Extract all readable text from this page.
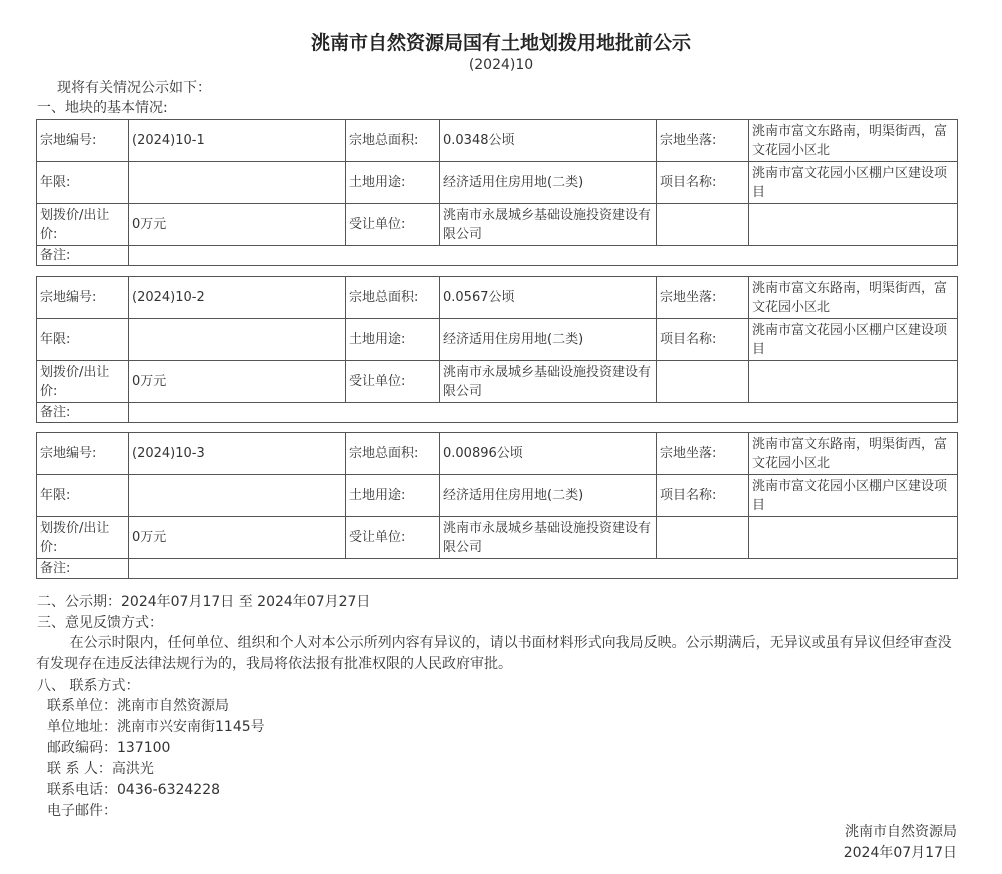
洮南市自然资源局国有土地划拨用地批前公示
(2024)10
现将有关情况公示如下：
一、地块的基本情况:
宗地编号:	(2024)10-1	宗地总面积:	0.0348公顷	宗地坐落:	洮南市富文东路南，明渠街西，富文花园小区北
年限:		土地用途:	经济适用住房用地(二类)	项目名称:	洮南市富文花园小区棚户区建设项目
划拨价/出让价:	0万元	受让单位:	洮南市永晟城乡基础设施投资建设有限公司		
备注:					
宗地编号:	(2024)10-2	宗地总面积:	0.0567公顷	宗地坐落:	洮南市富文东路南，明渠街西，富文花园小区北
年限:		土地用途:	经济适用住房用地(二类)	项目名称:	洮南市富文花园小区棚户区建设项目
划拨价/出让价:	0万元	受让单位:	洮南市永晟城乡基础设施投资建设有限公司		
备注:					
宗地编号:	(2024)10-3	宗地总面积:	0.00896公顷	宗地坐落:	洮南市富文东路南，明渠街西，富文花园小区北
年限:		土地用途:	经济适用住房用地(二类)	项目名称:	洮南市富文花园小区棚户区建设项目
划拨价/出让价:	0万元	受让单位:	洮南市永晟城乡基础设施投资建设有限公司		
备注:					
二、公示期：2024年07月17日 至 2024年07月27日
三、意见反馈方式：
在公示时限内，任何单位、组织和个人对本公示所列内容有异议的，请以书面材料形式向我局反映。公示期满后，无异议或虽有异议但经审查没有发现存在违反法律法规行为的，我局将依法报有批准权限的人民政府审批。
八、 联系方式：
联系单位：洮南市自然资源局
单位地址：洮南市兴安南街1145号
邮政编码：137100
联 系 人：高洪光
联系电话：0436-6324228
电子邮件：
洮南市自然资源局
2024年07月17日
